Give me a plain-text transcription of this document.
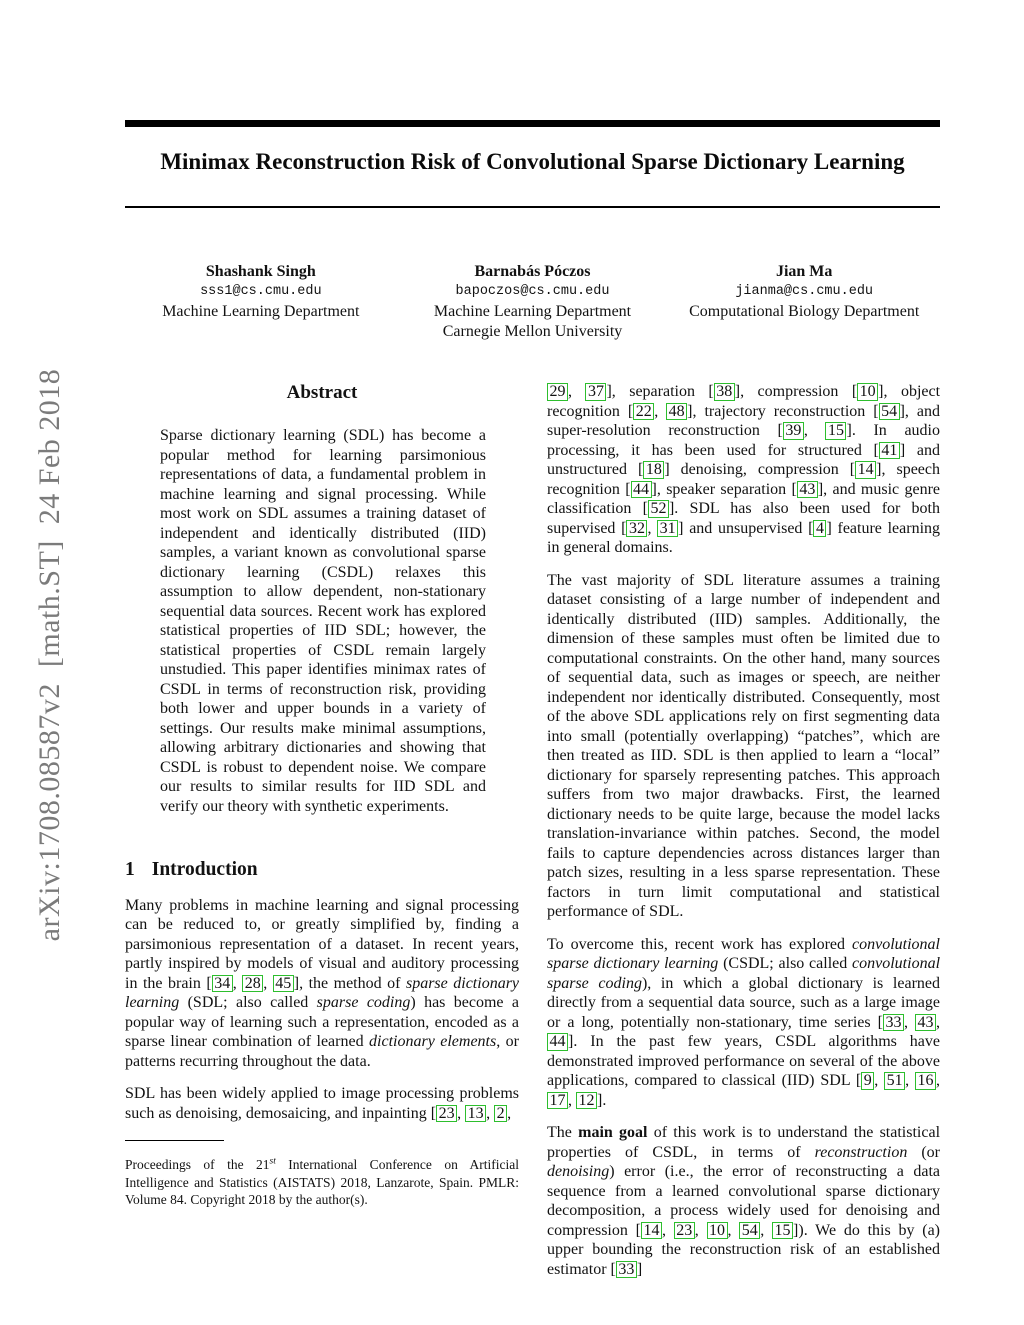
arXiv:1708.08587v2  [math.ST]  24 Feb 2018
Minimax Reconstruction Risk of Convolutional Sparse Dictionary Learning
Shashank Singh
sss1@cs.cmu.edu
Machine Learning Department
Barnabás Póczos
bapoczos@cs.cmu.edu
Machine Learning Department
Carnegie Mellon University
Jian Ma
jianma@cs.cmu.edu
Computational Biology Department
Abstract

Sparse dictionary learning (SDL) has become a popular method for learning parsimonious representations of data, a fundamental problem in machine learning and signal processing. While most work on SDL assumes a training dataset of independent and identically distributed (IID) samples, a variant known as convolutional sparse dictionary learning (CSDL) relaxes this assumption to allow dependent, non-stationary sequential data sources. Recent work has explored statistical properties of IID SDL; however, the statistical properties of CSDL remain largely unstudied. This paper identifies minimax rates of CSDL in terms of reconstruction risk, providing both lower and upper bounds in a variety of settings. Our results make minimal assumptions, allowing arbitrary dictionaries and showing that CSDL is robust to dependent noise. We compare our results to similar results for IID SDL and verify our theory with synthetic experiments.

1 Introduction

Many problems in machine learning and signal processing can be reduced to, or greatly simplified by, finding a parsimonious representation of a dataset. In recent years, partly inspired by models of visual and auditory processing in the brain [ 34 , 28 , 45 ], the method of sparse dictionary learning (SDL; also called sparse coding) has become a popular way of learning such a representation, encoded as a sparse linear combination of learned dictionary elements, or patterns recurring throughout the data.

SDL has been widely applied to image processing problems such as denoising, demosaicing, and inpainting [ 23 , 13 , 2 ,

Proceedings of the 21st International Conference on Artificial Intelligence and Statistics (AISTATS) 2018, Lanzarote, Spain. PMLR: Volume 84. Copyright 2018 by the author(s).

29 , 37 ], separation [ 38 ], compression [ 10 ], object recognition [ 22 , 48 ], trajectory reconstruction [ 54 ], and super-resolution reconstruction [ 39 , 15 ]. In audio processing, it has been used for structured [ 41 ] and unstructured [ 18 ] denoising, compression [ 14 ], speech recognition [ 44 ], speaker separation [ 43 ], and music genre classification [ 52 ]. SDL has also been used for both supervised [ 32 , 31 ] and unsupervised [ 4 ] feature learning in general domains.

The vast majority of SDL literature assumes a training dataset consisting of a large number of independent and identically distributed (IID) samples. Additionally, the dimension of these samples must often be limited due to computational constraints. On the other hand, many sources of sequential data, such as images or speech, are neither independent nor identically distributed. Consequently, most of the above SDL applications rely on first segmenting data into small (potentially overlapping) “patches”, which are then treated as IID. SDL is then applied to learn a “local” dictionary for sparsely representing patches. This approach suffers from two major drawbacks. First, the learned dictionary needs to be quite large, because the model lacks translation-invariance within patches. Second, the model fails to capture dependencies across distances larger than patch sizes, resulting in a less sparse representation. These factors in turn limit computational and statistical performance of SDL.

To overcome this, recent work has explored convolutional sparse dictionary learning (CSDL; also called convolutional sparse coding), in which a global dictionary is learned directly from a sequential data source, such as a large image or a long, potentially non-stationary, time series [ 33 , 43 , 44 ]. In the past few years, CSDL algorithms have demonstrated improved performance on several of the above applications, compared to classical (IID) SDL [ 9 , 51 , 16 , 17 , 12 ].

The main goal of this work is to understand the statistical properties of CSDL, in terms of reconstruction (or denoising) error (i.e., the error of reconstructing a data sequence from a learned convolutional sparse dictionary decomposition, a process widely used for denoising and compression [ 14 , 23 , 10 , 54 , 15 ]). We do this by (a) upper bounding the reconstruction risk of an established estimator [ 33 ]
